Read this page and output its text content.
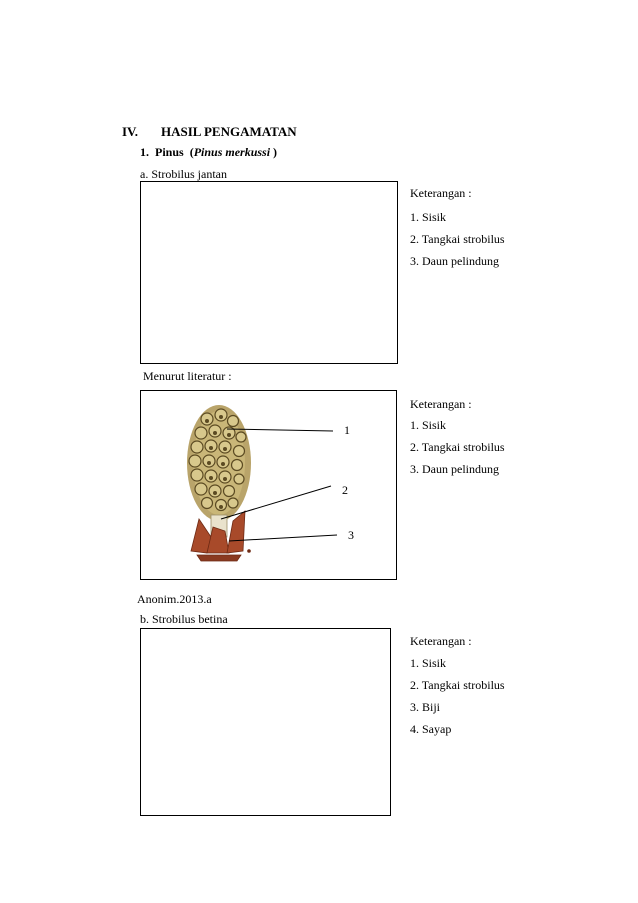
IV. HASIL PENGAMATAN
1. Pinus (Pinus merkussi )
a. Strobilus jantan
Keterangan :
1. Sisik
2. Tangkai strobilus
3. Daun pelindung
Menurut literatur :
1
2
3
Keterangan :
1. Sisik
2. Tangkai strobilus
3. Daun pelindung
Anonim.2013.a
b. Strobilus betina
Keterangan :
1. Sisik
2. Tangkai strobilus
3. Biji
4. Sayap
